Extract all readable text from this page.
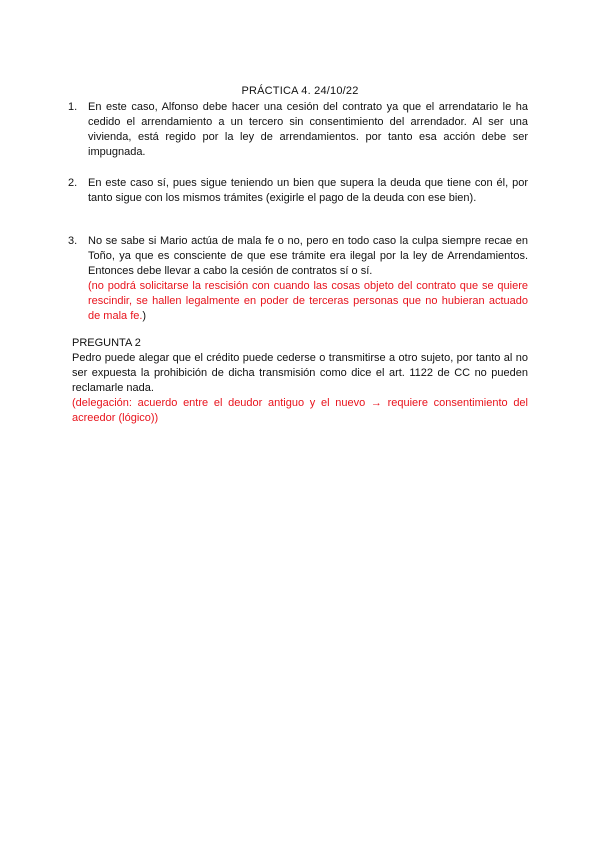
PRÁCTICA 4. 24/10/22
1. En este caso, Alfonso debe hacer una cesión del contrato ya que el arrendatario le ha cedido el arrendamiento a un tercero sin consentimiento del arrendador. Al ser una vivienda, está regido por la ley de arrendamientos. por tanto esa acción debe ser impugnada.

2. En este caso sí, pues sigue teniendo un bien que supera la deuda que tiene con él, por tanto sigue con los mismos trámites (exigirle el pago de la deuda con ese bien).

3. No se sabe si Mario actúa de mala fe o no, pero en todo caso la culpa siempre recae en Toño, ya que es consciente de que ese trámite era ilegal por la ley de Arrendamientos. Entonces debe llevar a cabo la cesión de contratos sí o sí.

(no podrá solicitarse la rescisión con cuando las cosas objeto del contrato que se quiere rescindir, se hallen legalmente en poder de terceras personas que no hubieran actuado de mala fe.)

PREGUNTA 2

Pedro puede alegar que el crédito puede cederse o transmitirse a otro sujeto, por tanto al no ser expuesta la prohibición de dicha transmisión como dice el art. 1122 de CC no pueden reclamarle nada.

(delegación: acuerdo entre el deudor antiguo y el nuevo → requiere consentimiento del acreedor (lógico))
